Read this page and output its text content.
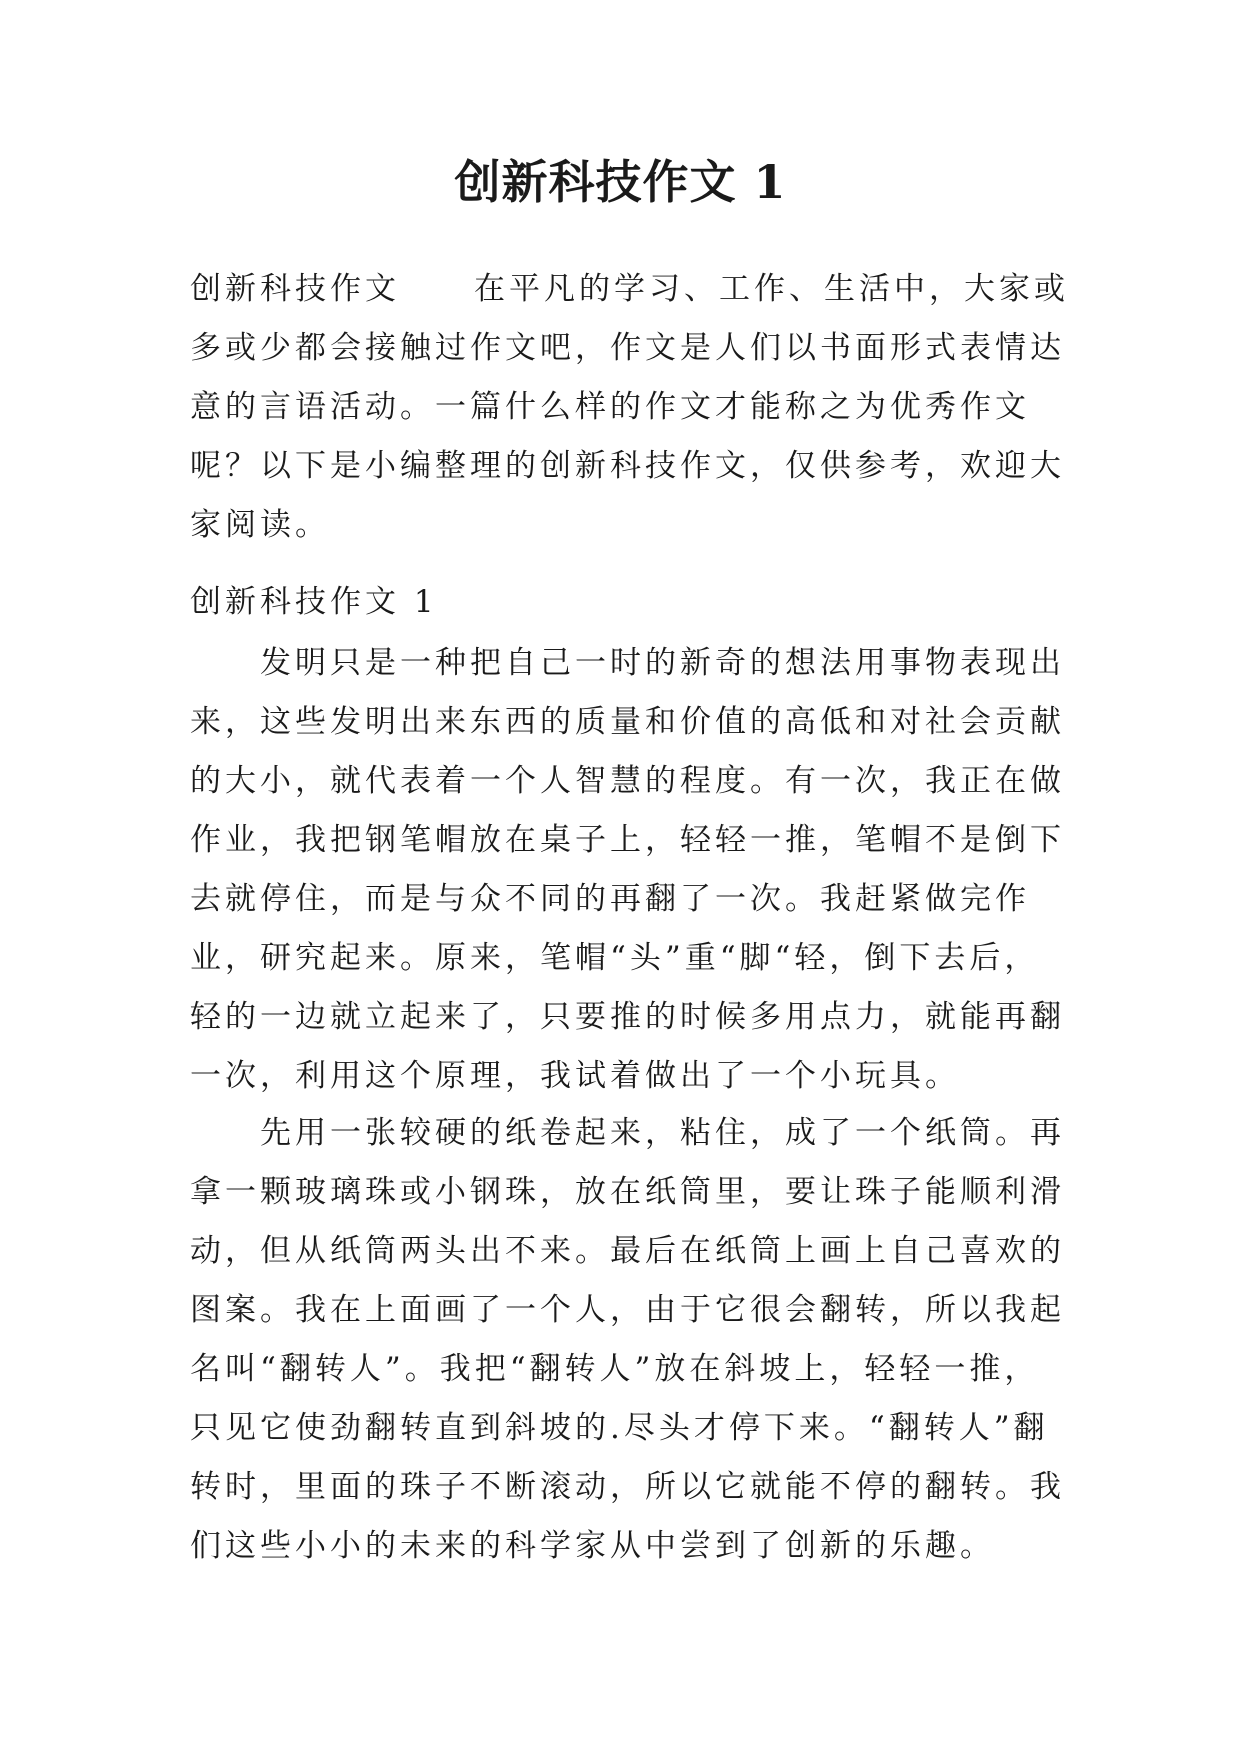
创新科技作文 1

创新科技作文 在平凡的学习、工作、生活中，大家或多或少都会接触过作文吧，作文是人们以书面形式表情达意的言语活动。一篇什么样的作文才能称之为优秀作文呢？以下是小编整理的创新科技作文，仅供参考，欢迎大家阅读。

创新科技作文 1

发明只是一种把自己一时的新奇的想法用事物表现出来，这些发明出来东西的质量和价值的高低和对社会贡献的大小，就代表着一个人智慧的程度。有一次，我正在做作业，我把钢笔帽放在桌子上，轻轻一推，笔帽不是倒下去就停住，而是与众不同的再翻了一次。我赶紧做完作业，研究起来。原来，笔帽“头”重“脚“轻，倒下去后，轻的一边就立起来了，只要推的时候多用点力，就能再翻一次，利用这个原理，我试着做出了一个小玩具。

先用一张较硬的纸卷起来，粘住，成了一个纸筒。再拿一颗玻璃珠或小钢珠，放在纸筒里，要让珠子能顺利滑动，但从纸筒两头出不来。最后在纸筒上画上自己喜欢的图案。我在上面画了一个人，由于它很会翻转，所以我起名叫“翻转人”。我把“翻转人”放在斜坡上，轻轻一推，只见它使劲翻转直到斜坡的.尽头才停下来。“翻转人”翻转时，里面的珠子不断滚动，所以它就能不停的翻转。我们这些小小的未来的科学家从中尝到了创新的乐趣。
